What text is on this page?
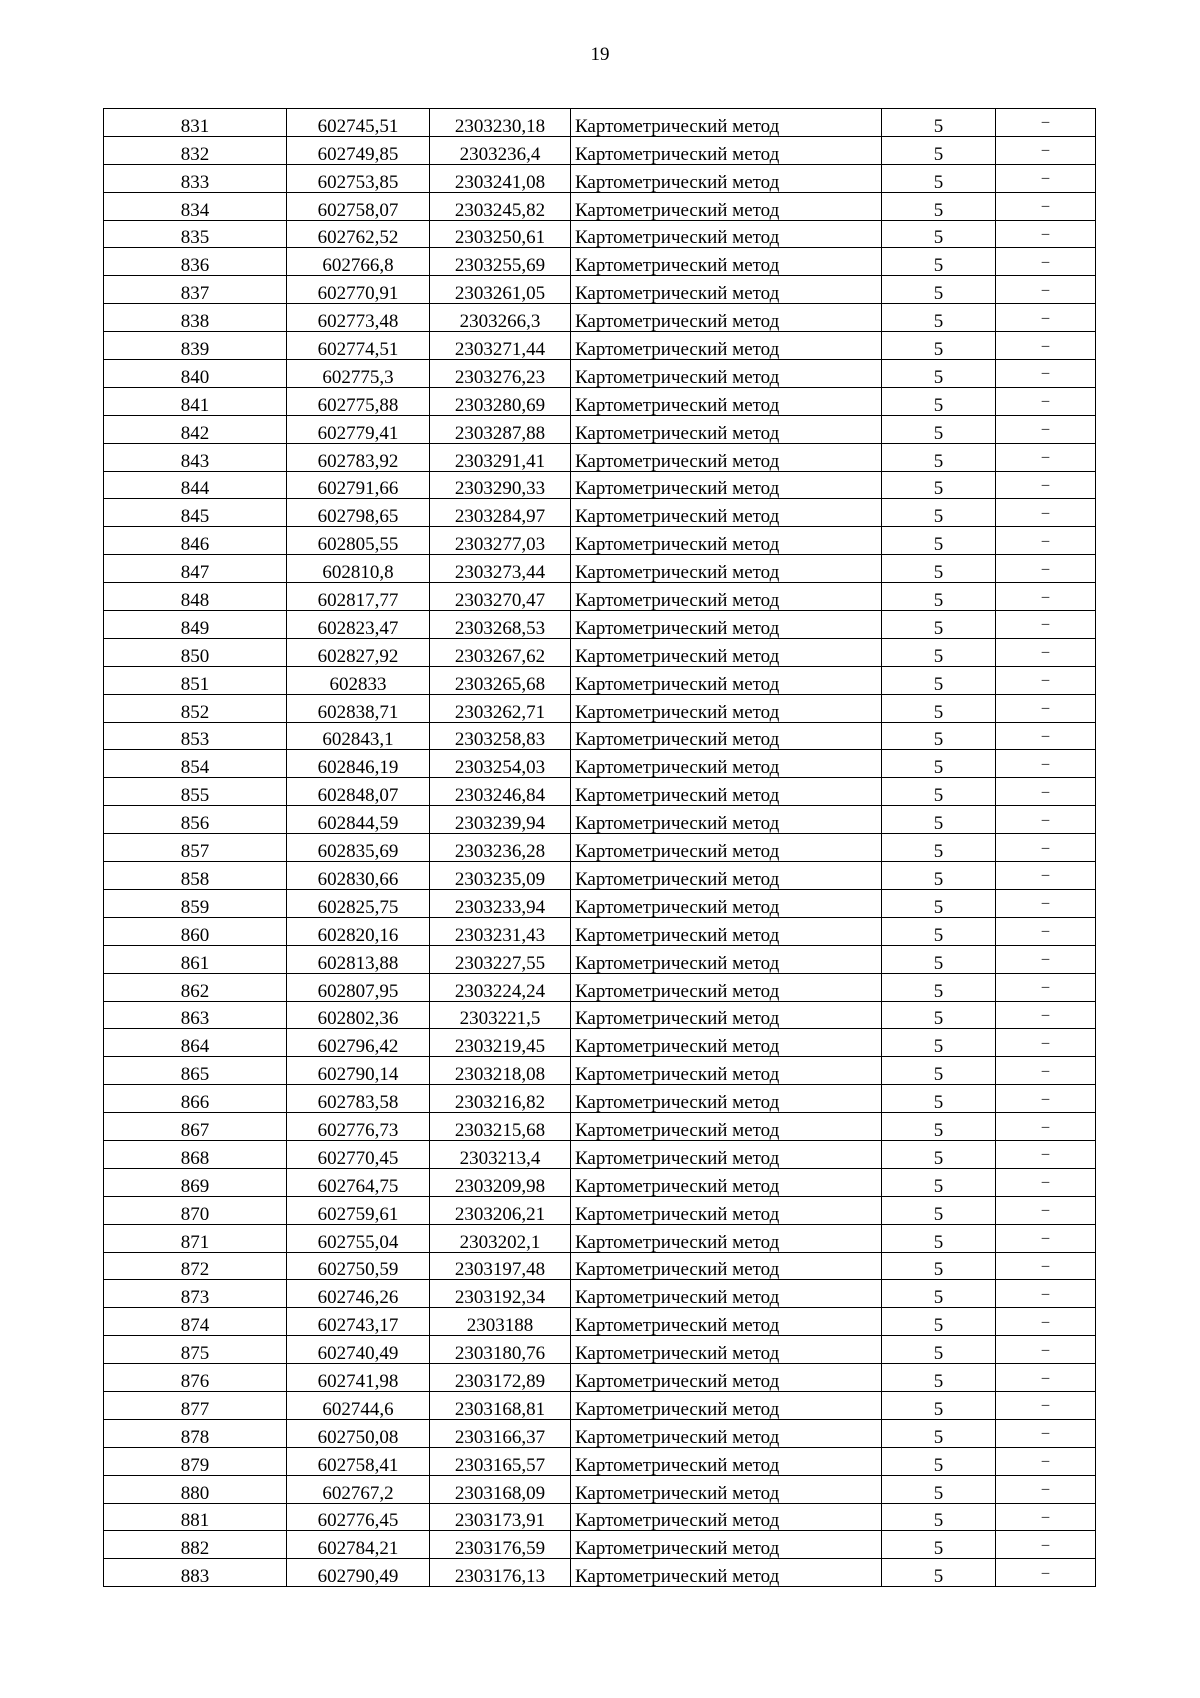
19
831	602745,51	2303230,18	Картометрический метод	5	–
832	602749,85	2303236,4	Картометрический метод	5	–
833	602753,85	2303241,08	Картометрический метод	5	–
834	602758,07	2303245,82	Картометрический метод	5	–
835	602762,52	2303250,61	Картометрический метод	5	–
836	602766,8	2303255,69	Картометрический метод	5	–
837	602770,91	2303261,05	Картометрический метод	5	–
838	602773,48	2303266,3	Картометрический метод	5	–
839	602774,51	2303271,44	Картометрический метод	5	–
840	602775,3	2303276,23	Картометрический метод	5	–
841	602775,88	2303280,69	Картометрический метод	5	–
842	602779,41	2303287,88	Картометрический метод	5	–
843	602783,92	2303291,41	Картометрический метод	5	–
844	602791,66	2303290,33	Картометрический метод	5	–
845	602798,65	2303284,97	Картометрический метод	5	–
846	602805,55	2303277,03	Картометрический метод	5	–
847	602810,8	2303273,44	Картометрический метод	5	–
848	602817,77	2303270,47	Картометрический метод	5	–
849	602823,47	2303268,53	Картометрический метод	5	–
850	602827,92	2303267,62	Картометрический метод	5	–
851	602833	2303265,68	Картометрический метод	5	–
852	602838,71	2303262,71	Картометрический метод	5	–
853	602843,1	2303258,83	Картометрический метод	5	–
854	602846,19	2303254,03	Картометрический метод	5	–
855	602848,07	2303246,84	Картометрический метод	5	–
856	602844,59	2303239,94	Картометрический метод	5	–
857	602835,69	2303236,28	Картометрический метод	5	–
858	602830,66	2303235,09	Картометрический метод	5	–
859	602825,75	2303233,94	Картометрический метод	5	–
860	602820,16	2303231,43	Картометрический метод	5	–
861	602813,88	2303227,55	Картометрический метод	5	–
862	602807,95	2303224,24	Картометрический метод	5	–
863	602802,36	2303221,5	Картометрический метод	5	–
864	602796,42	2303219,45	Картометрический метод	5	–
865	602790,14	2303218,08	Картометрический метод	5	–
866	602783,58	2303216,82	Картометрический метод	5	–
867	602776,73	2303215,68	Картометрический метод	5	–
868	602770,45	2303213,4	Картометрический метод	5	–
869	602764,75	2303209,98	Картометрический метод	5	–
870	602759,61	2303206,21	Картометрический метод	5	–
871	602755,04	2303202,1	Картометрический метод	5	–
872	602750,59	2303197,48	Картометрический метод	5	–
873	602746,26	2303192,34	Картометрический метод	5	–
874	602743,17	2303188	Картометрический метод	5	–
875	602740,49	2303180,76	Картометрический метод	5	–
876	602741,98	2303172,89	Картометрический метод	5	–
877	602744,6	2303168,81	Картометрический метод	5	–
878	602750,08	2303166,37	Картометрический метод	5	–
879	602758,41	2303165,57	Картометрический метод	5	–
880	602767,2	2303168,09	Картометрический метод	5	–
881	602776,45	2303173,91	Картометрический метод	5	–
882	602784,21	2303176,59	Картометрический метод	5	–
883	602790,49	2303176,13	Картометрический метод	5	–
